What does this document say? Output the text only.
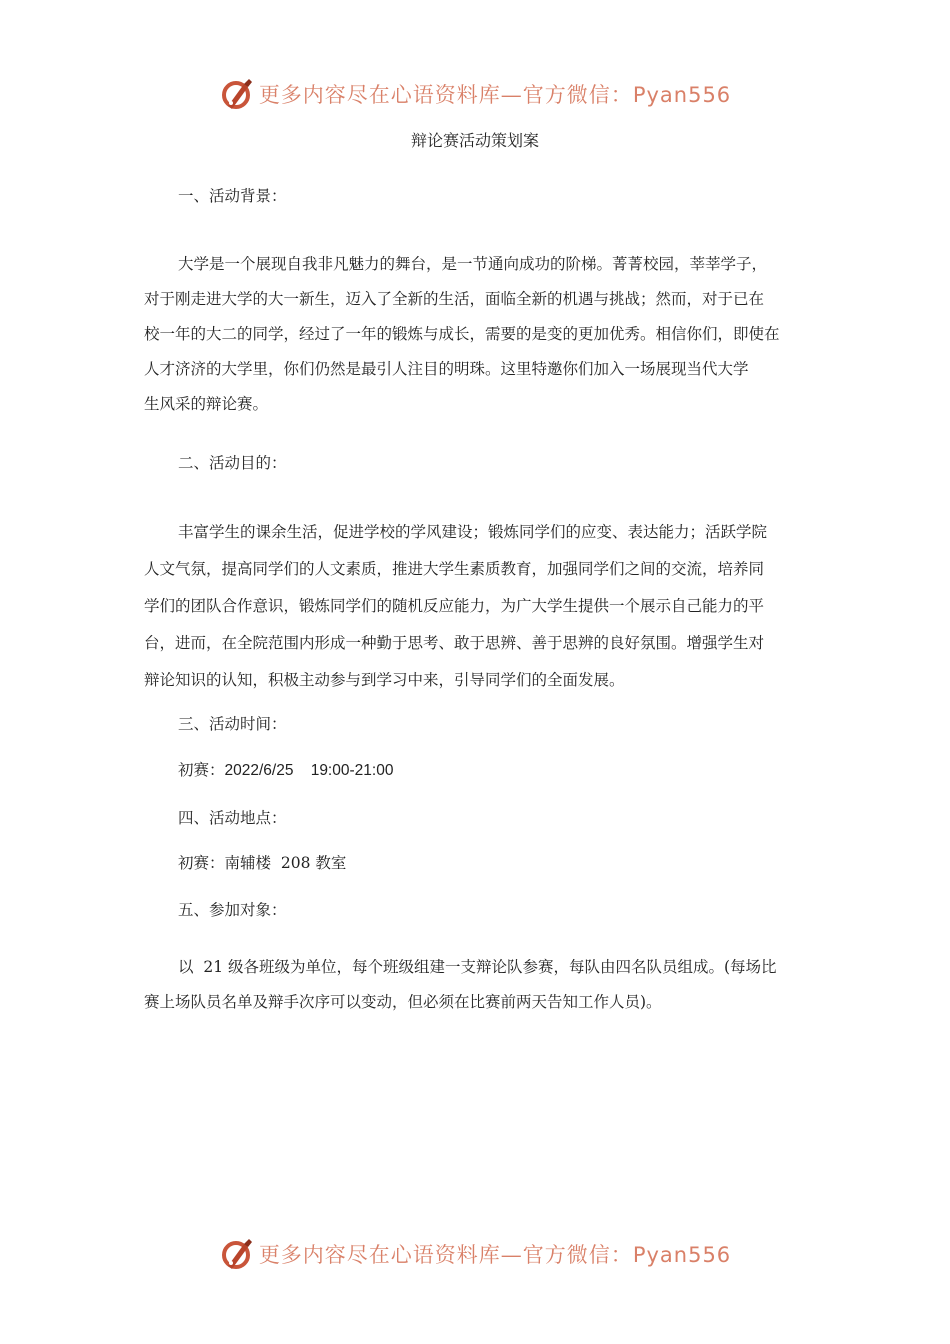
更多内容尽在心语资料库—官方微信：Pyan556
辩论赛活动策划案

一、活动背景：

大学是一个展现自我非凡魅力的舞台，是一节通向成功的阶梯。菁菁校园，莘莘学子，
对于刚走进大学的大一新生，迈入了全新的生活，面临全新的机遇与挑战；然而，对于已在
校一年的大二的同学，经过了一年的锻炼与成长，需要的是变的更加优秀。相信你们，即使在
人才济济的大学里，你们仍然是最引人注目的明珠。这里特邀你们加入一场展现当代大学
生风采的辩论赛。

二、活动目的：

丰富学生的课余生活，促进学校的学风建设；锻炼同学们的应变、表达能力；活跃学院
人文气氛，提高同学们的人文素质，推进大学生素质教育，加强同学们之间的交流，培养同
学们的团队合作意识，锻炼同学们的随机反应能力，为广大学生提供一个展示自己能力的平
台，进而，在全院范围内形成一种勤于思考、敢于思辨、善于思辨的良好氛围。增强学生对
辩论知识的认知，积极主动参与到学习中来，引导同学们的全面发展。

三、活动时间：

初赛：2022/6/25    19:00-21:00

四、活动地点：

初赛：南辅楼  208 教室

五、参加对象：

以  21 级各班级为单位，每个班级组建一支辩论队参赛，每队由四名队员组成。(每场比
赛上场队员名单及辩手次序可以变动，但必须在比赛前两天告知工作人员)。
更多内容尽在心语资料库—官方微信：Pyan556
